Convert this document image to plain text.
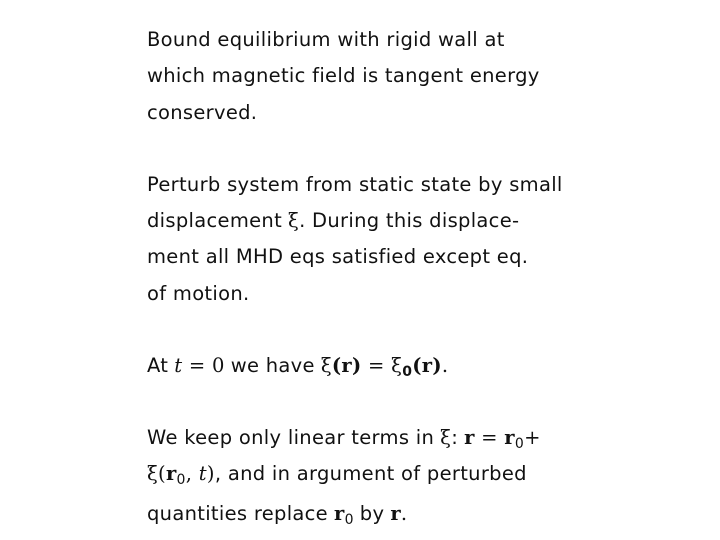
Bound equilibrium with rigid wall at
which magnetic field is tangent energy
conserved.
Perturb system from static state by small
displacement ξ. During this displace-
ment all MHD eqs satisfied except eq.
of motion.
At t = 0 we have $\xi(r) = \xi_0(r)$.
We keep only linear terms in ξ: $r = r_0+$
$\xi(r_0$, t), and in argument of perturbed
quantities replace $r_0$ by r.
